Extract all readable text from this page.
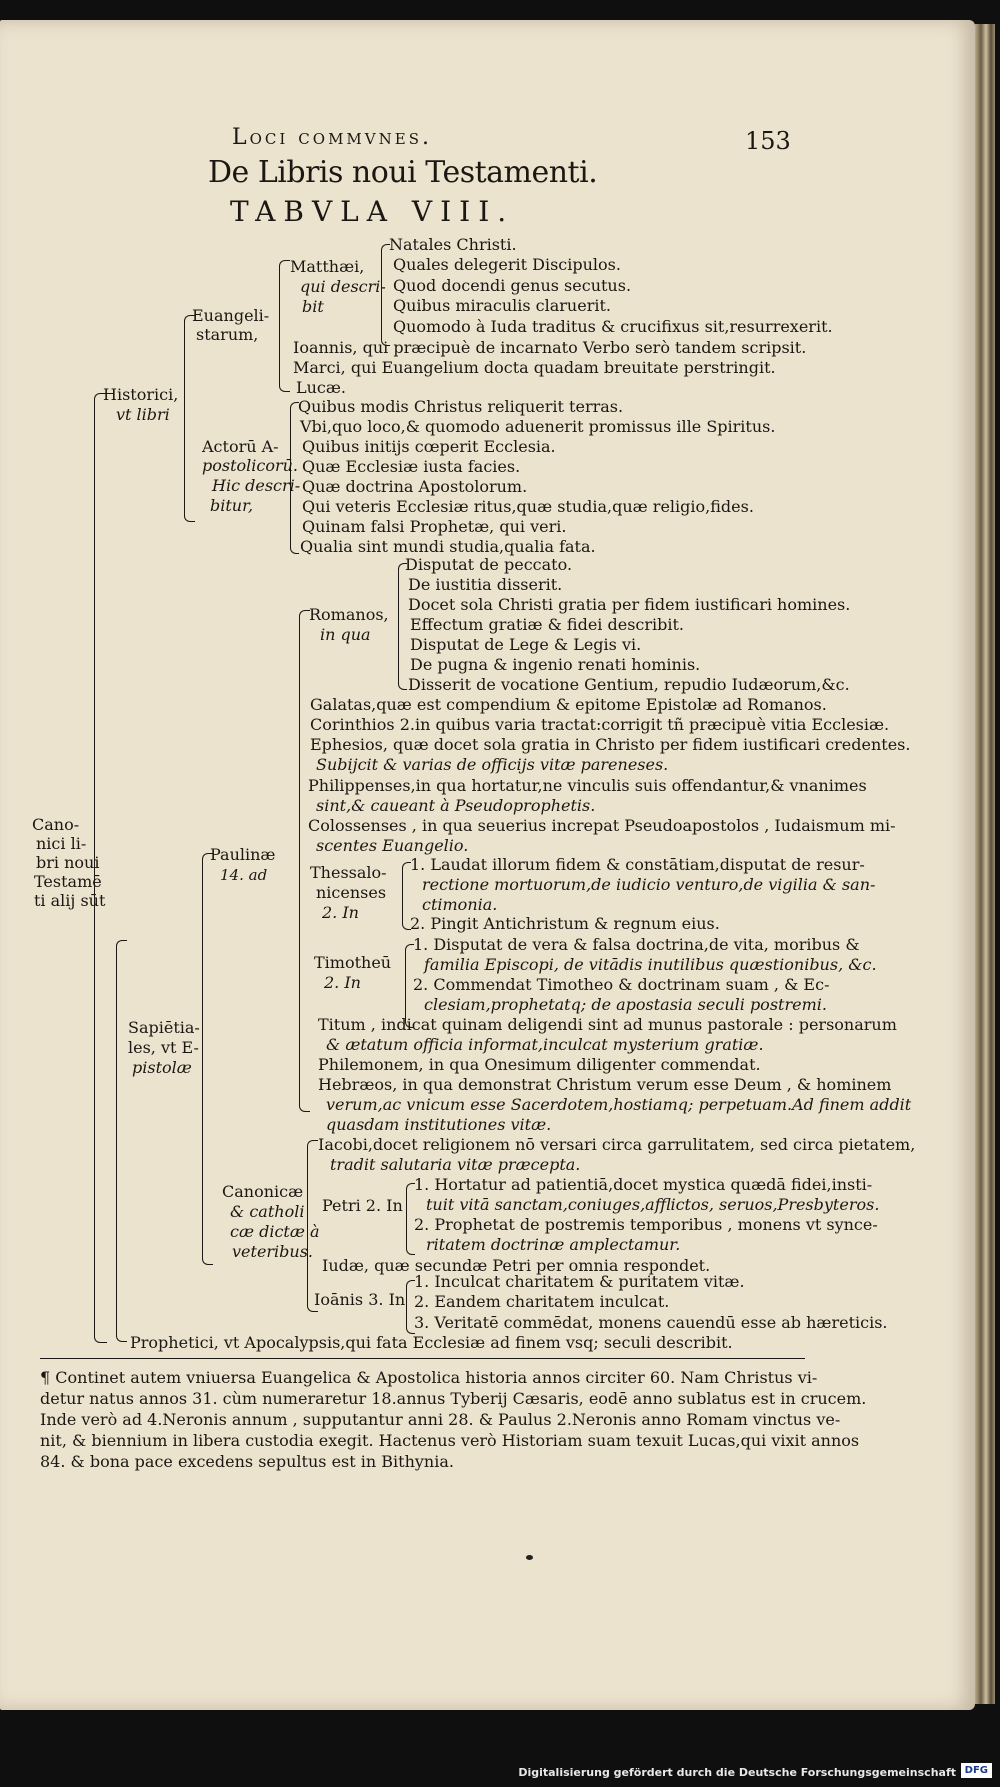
Loci commvnes.	153
De Libris noui Testamenti.
TABVLA VIII.
Cano-
nici li-
bri noui
Testamē
ti alij sūt
Historici,
vt libri
Euangeli-
starum,
Matthæi,
qui descri-
bit
Natales Christi.
Quales delegerit Discipulos.
Quod docendi genus secutus.
Quibus miraculis claruerit.
Quomodo à Iuda traditus & crucifixus sit,resurrexerit.
Ioannis, qui præcipuè de incarnato Verbo serò tandem scripsit.
Marci, qui Euangelium docta quadam breuitate perstringit.
Lucæ.
Actorū A-
postolicorū.
Hic descri-
bitur,
Quibus modis Christus reliquerit terras.
Vbi,quo loco,& quomodo aduenerit promissus ille Spiritus.
Quibus initijs cœperit Ecclesia.
Quæ Ecclesiæ iusta facies.
Quæ doctrina Apostolorum.
Qui veteris Ecclesiæ ritus,quæ studia,quæ religio,fides.
Quinam falsi Prophetæ, qui veri.
Qualia sint mundi studia,qualia fata.
Sapiētia-
les, vt E-
pistolæ
Paulinæ
14. ad
Romanos,
in qua
Disputat de peccato.
De iustitia disserit.
Docet sola Christi gratia per fidem iustificari homines.
Effectum gratiæ & fidei describit.
Disputat de Lege & Legis vi.
De pugna & ingenio renati hominis.
Disserit de vocatione Gentium, repudio Iudæorum,&c.
Galatas,quæ est compendium & epitome Epistolæ ad Romanos.
Corinthios 2.in quibus varia tractat:corrigit tñ præcipuè vitia Ecclesiæ.
Ephesios, quæ docet sola gratia in Christo per fidem iustificari credentes.
Subijcit & varias de officijs vitæ pareneses.
Philippenses,in qua hortatur,ne vinculis suis offendantur,& vnanimes
sint,& caueant à Pseudoprophetis.
Colossenses , in qua seuerius increpat Pseudoapostolos , Iudaismum mi-
scentes Euangelio.
Thessalo-
nicenses
2. In
1. Laudat illorum fidem & constātiam,disputat de resur-
rectione mortuorum,de iudicio venturo,de vigilia & san-
ctimonia.
2. Pingit Antichristum & regnum eius.
Timotheū
2. In
1. Disputat de vera & falsa doctrina,de vita, moribus &
familia Episcopi, de vitādis inutilibus quæstionibus, &c.
2. Commendat Timotheo & doctrinam suam , & Ec-
clesiam,prophetatq; de apostasia seculi postremi.
Titum , indicat quinam deligendi sint ad munus pastorale : personarum
& ætatum officia informat,inculcat mysterium gratiæ.
Philemonem, in qua Onesimum diligenter commendat.
Hebræos, in qua demonstrat Christum verum esse Deum , & hominem
verum,ac vnicum esse Sacerdotem,hostiamq; perpetuam.Ad finem addit
quasdam institutiones vitæ.
Canonicæ
& catholi
cæ dictæ à
veteribus.
Iacobi,docet religionem nō versari circa garrulitatem, sed circa pietatem,
tradit salutaria vitæ præcepta.
Petri 2. In
1. Hortatur ad patientiā,docet mystica quædā fidei,insti-
tuit vitā sanctam,coniuges,afflictos, seruos,Presbyteros.
2. Prophetat de postremis temporibus , monens vt synce-
ritatem doctrinæ amplectamur.
Iudæ, quæ secundæ Petri per omnia respondet.
Ioānis 3. In
1. Inculcat charitatem & puritatem vitæ.
2. Eandem charitatem inculcat.
3. Veritatē commēdat, monens cauendū esse ab hæreticis.
Prophetici, vt Apocalypsis,qui fata Ecclesiæ ad finem vsq; seculi describit.
¶ Continet autem vniuersa Euangelica & Apostolica historia annos circiter 60. Nam Christus vi-
detur natus annos 31. cùm numeraretur 18.annus Tyberij Cæsaris, eodē anno sublatus est in crucem.
Inde verò ad 4.Neronis annum , supputantur anni 28. & Paulus 2.Neronis anno Romam vinctus ve-
nit, & biennium in libera custodia exegit. Hactenus verò Historiam suam texuit Lucas,qui vixit annos
84. & bona pace excedens sepultus est in Bithynia.
Digitalisierung gefördert durch die Deutsche Forschungsgemeinschaft DFG
